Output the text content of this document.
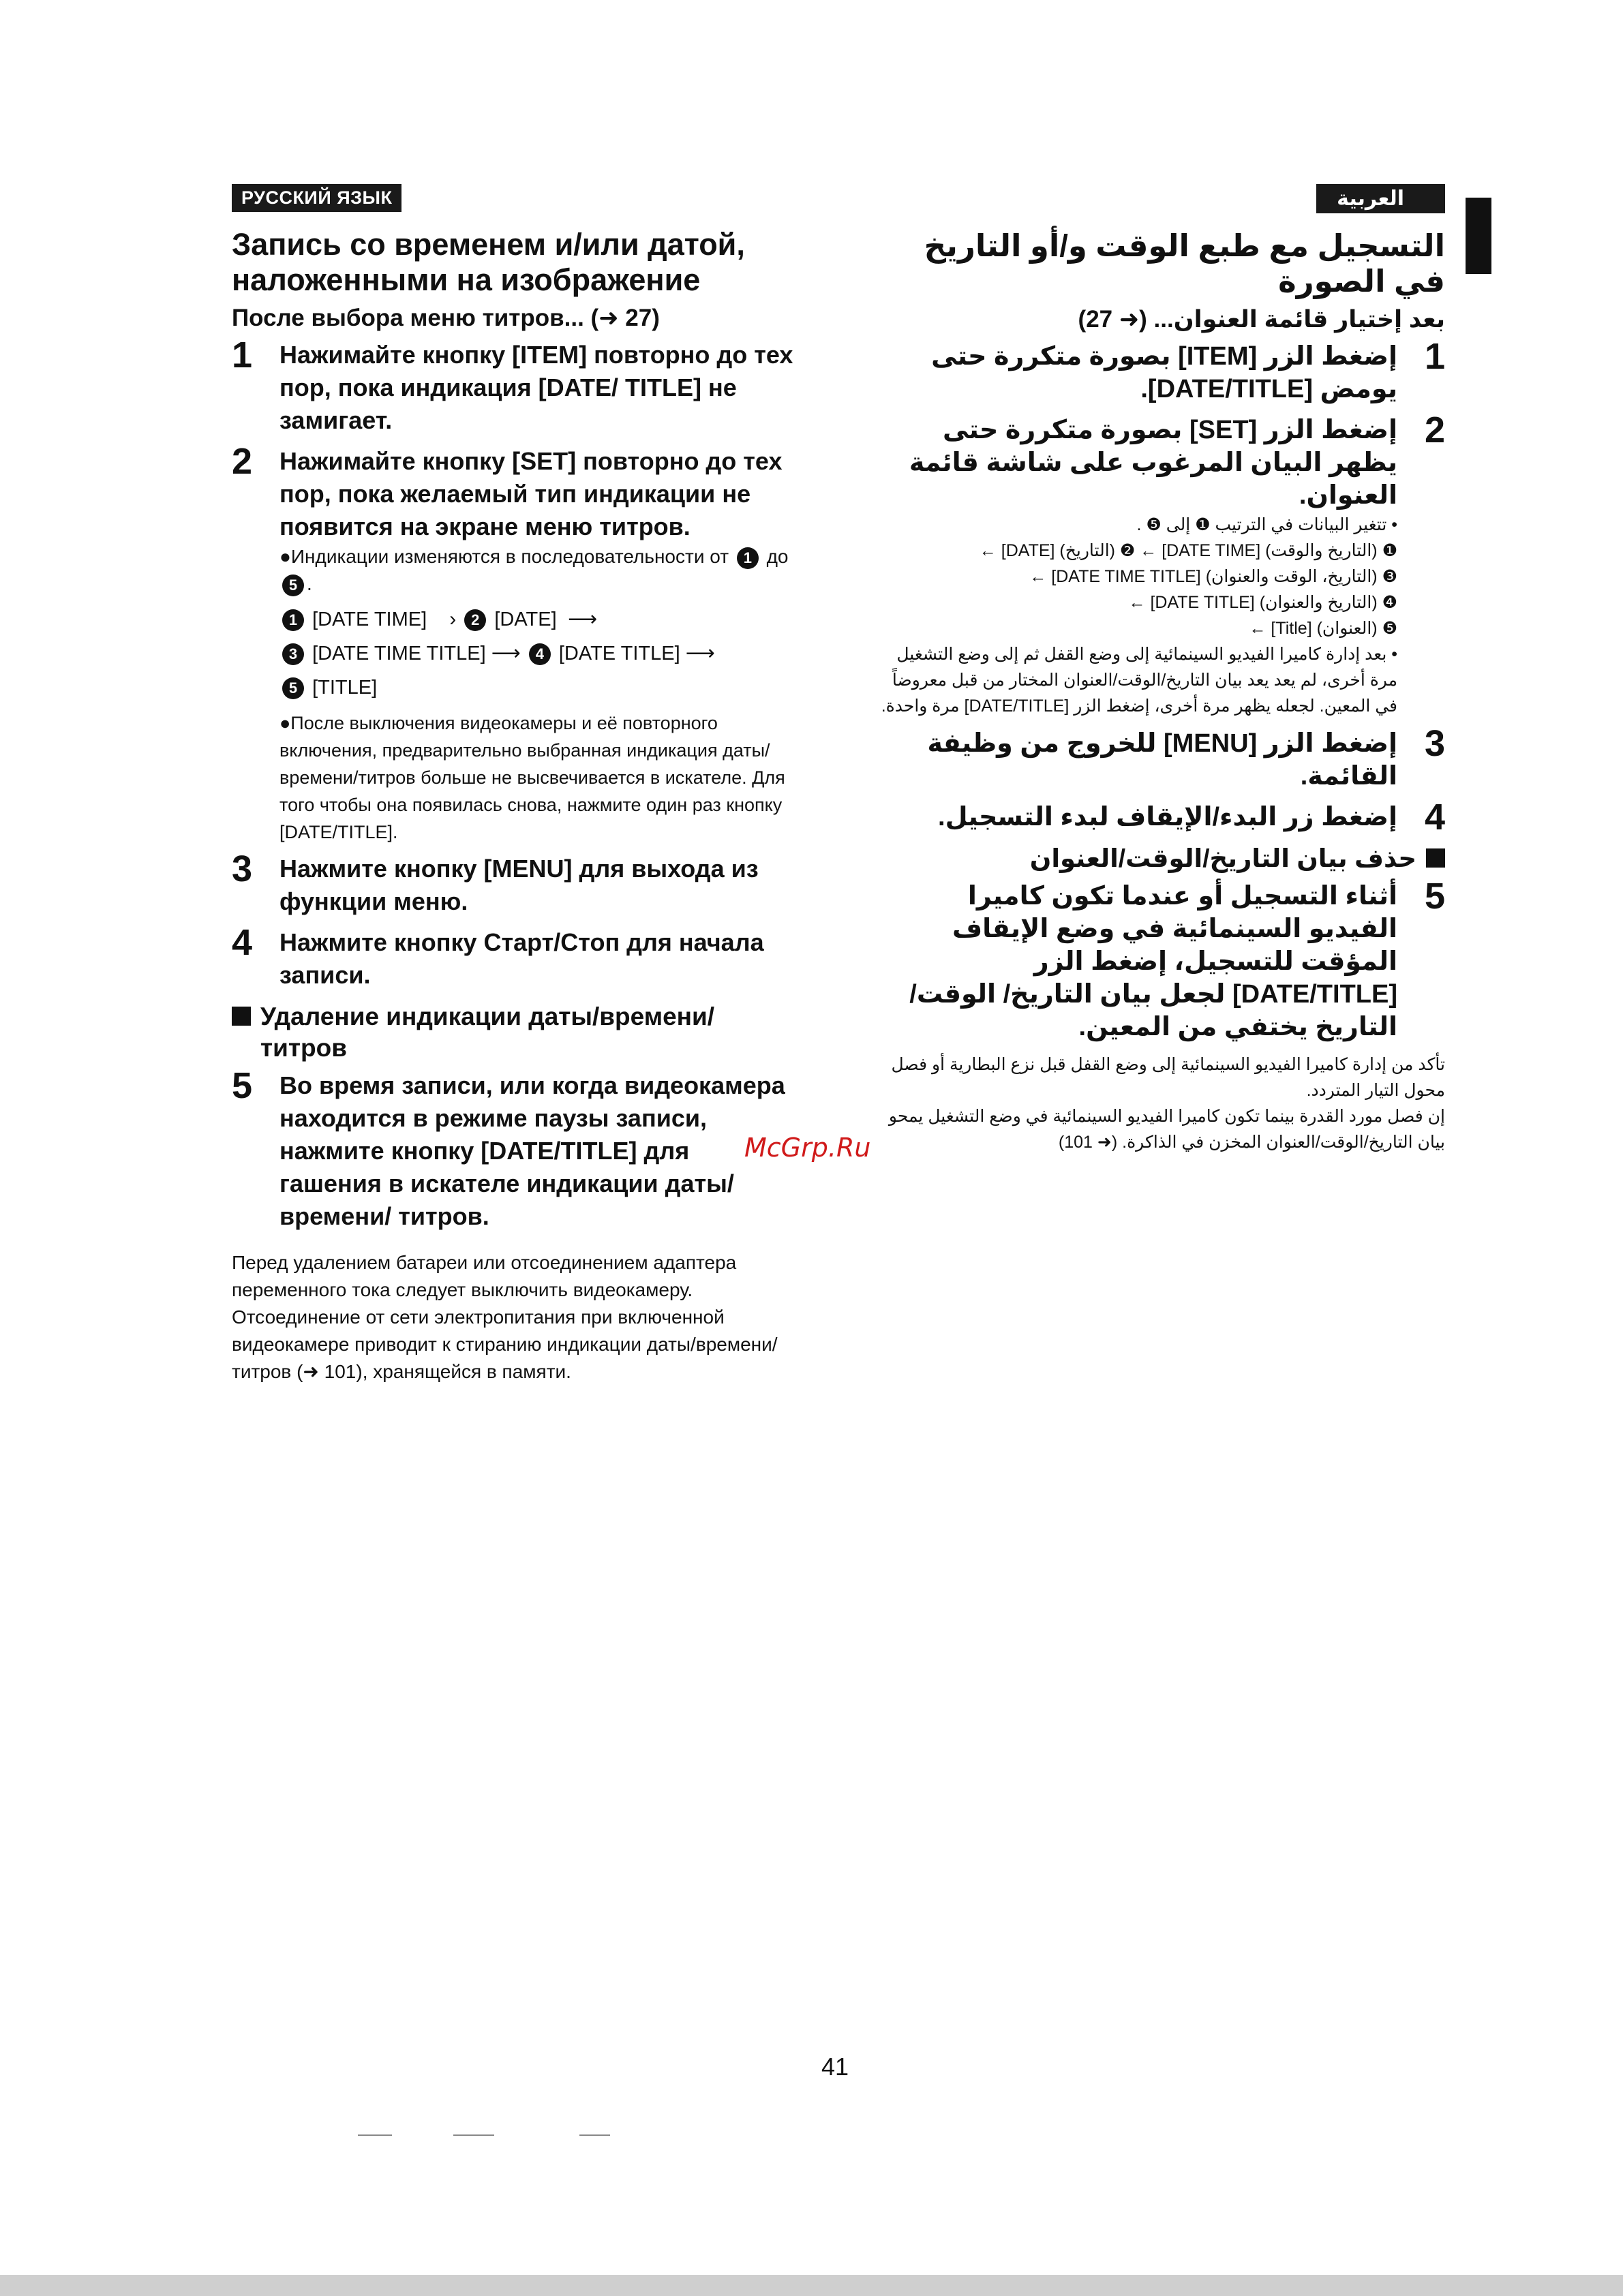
РУССКИЙ ЯЗЫК
Запись со временем и/или датой, наложенными на изображение
После выбора меню титров... (➜ 27)
1	Нажимайте кнопку [ITEM] повторно до тех пор, пока индикация [DATE/ TITLE] не замигает.
2	Нажимайте кнопку [SET] повторно до тех пор, пока желаемый тип индикации не появится на экране меню титров.
●Индикации изменяются в последовательности от 1 до 5 .
1 [DATE TIME]    › 2 [DATE]  ⟶
3 [DATE TIME TITLE] ⟶ 4 [DATE TITLE] ⟶
5 [TITLE]
●После выключения видеокамеры и её повторного включения, предварительно выбранная индикация даты/времени/титров больше не высвечивается в искателе. Для того чтобы она появилась снова, нажмите один раз кнопку [DATE/TITLE].
3	Нажмите кнопку [MENU] для выхода из функции меню.
4	Нажмите кнопку Старт/Стоп для начала записи.
Удаление индикации даты/времени/ титров
5	Во время записи, или когда видеокамера находится в режиме паузы записи, нажмите кнопку [DATE/TITLE] для гашения в искателе индикации даты/времени/ титров.
Перед удалением батареи или отсоединением адаптера переменного тока следует выключить видеокамеру. Отсоединение от сети электропитания при включенной видеокамере приводит к стиранию индикации даты/времени/титров (➜ 101), хранящейся в памяти.
العربية
التسجيل مع طبع الوقت و/أو التاريخ في الصورة
بعد إختيار قائمة العنوان... (➜ 27)
1
إضغط الزر [ITEM] بصورة متكررة حتى يومض [DATE/TITLE].
2
إضغط الزر [SET] بصورة متكررة حتى يظهر البيان المرغوب على شاشة قائمة العنوان.
• تتغير البيانات في الترتيب ❶ إلى ❺ .
❶ (التاريخ والوقت) [DATE TIME] ← ❷ (التاريخ) [DATE] ←
❸ (التاريخ، الوقت والعنوان) [DATE TIME TITLE] ←
❹ (التاريخ والعنوان) [DATE TITLE] ←
❺ (العنوان) [Title] ←
• بعد إدارة كاميرا الفيديو السينمائية إلى وضع القفل ثم إلى وضع التشغيل مرة أخرى، لم يعد يعد بيان التاريخ/الوقت/العنوان المختار من قبل معروضاً في المعين. لجعله يظهر مرة أخرى، إضغط الزر [DATE/TITLE] مرة واحدة.
3
إضغط الزر [MENU] للخروج من وظيفة القائمة.
4
إضغط زر البدء/الإيقاف لبدء التسجيل.
حذف بيان التاريخ/الوقت/العنوان
5
أثناء التسجيل أو عندما تكون كاميرا الفيديو السينمائية في وضع الإيقاف المؤقت للتسجيل، إضغط الزر [DATE/TITLE] لجعل بيان التاريخ/ الوقت/التاريخ يختفي من المعين.
تأكد من إدارة كاميرا الفيديو السينمائية إلى وضع القفل قبل نزع البطارية أو فصل محول التيار المتردد.
إن فصل مورد القدرة بينما تكون كاميرا الفيديو السينمائية في وضع التشغيل يمحو بيان التاريخ/الوقت/العنوان المخزن في الذاكرة. (➜ 101)
McGrp.Ru
41
